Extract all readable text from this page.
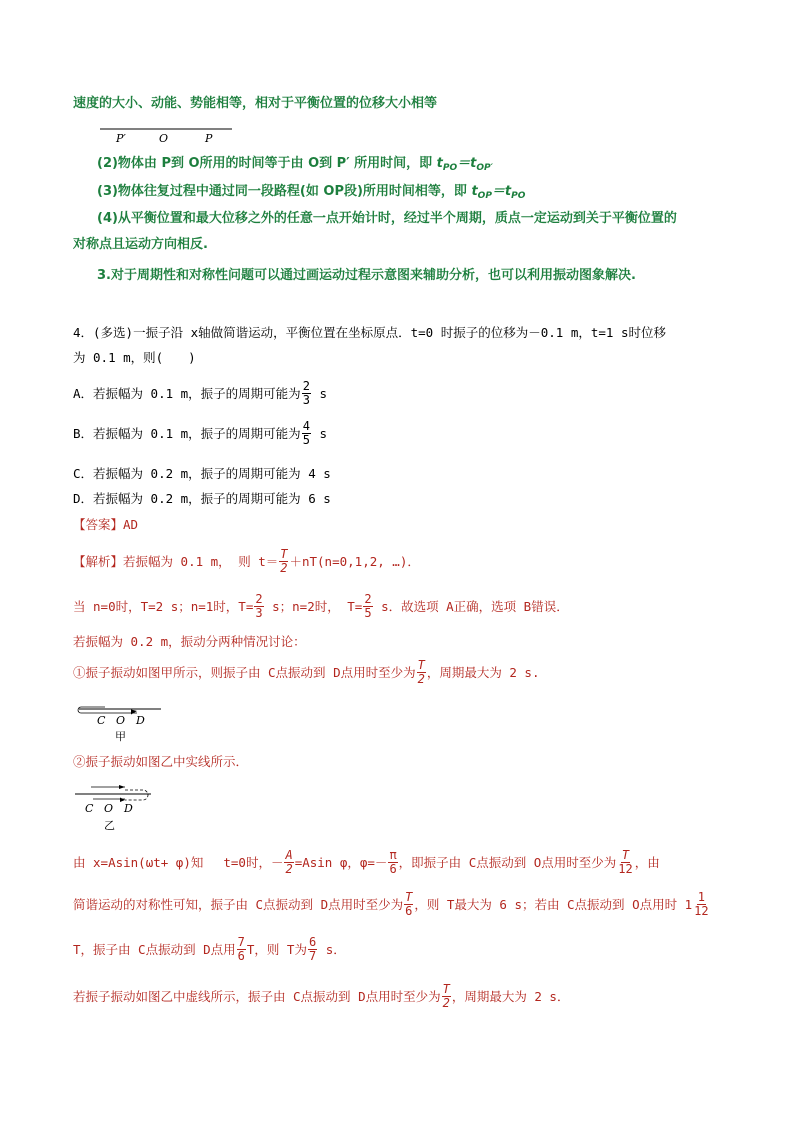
速度的大小、动能、势能相等，相对于平衡位置的位移大小相等
P′	O	P
(2)物体由 P到 O所用的时间等于由 O到 P′ 所用时间，即 $t_{PO}=t_{OP'}$
(3)物体往复过程中通过同一段路程(如 OP段)所用时间相等，即 $t_{OP}=t_{PO}$
(4)从平衡位置和最大位移之外的任意一点开始计时，经过半个周期，质点一定运动到关于平衡位置的
对称点且运动方向相反.
3.对于周期性和对称性问题可以通过画运动过程示意图来辅助分析，也可以利用振动图象解决.
4．(多选)一振子沿 x轴做简谐运动，平衡位置在坐标原点．t=0 时振子的位移为－0.1 m，t=1 s时位移
为 0.1 m，则(　　)
A．若振幅为 0.1 m，振子的周期可能为 $\frac{2}{3}$ s
B．若振幅为 0.1 m，振子的周期可能为 $\frac{4}{5}$ s
C．若振幅为 0.2 m，振子的周期可能为 4 s
D．若振幅为 0.2 m，振子的周期可能为 6 s
【答案】AD
【解析】若振幅为 0.1 m， 则 $t= \frac{T}{2} +nT(n=0,1,2$, …)．
当 n=0时，T=2 s；n=1时，$T= \frac{2}{3}$ s；n=2时， $T= \frac{2}{5}$ s．故选项 A正确，选项 B错误．
若振幅为 0.2 m，振动分两种情况讨论：
①振子振动如图甲所示，则振子由 C点振动到 D点用时至少为 $\frac{T}{2}$ ，周期最大为 2 s.
C O D
甲
②振子振动如图乙中实线所示．
C O D
乙
由 x=Asin(ωt+ φ)知　 t=0时，－ $\frac{A}{2} =Asin$ φ，$\varphi=- \frac{\pi}{6}$ ，即振子由 C点振动到 O点用时至少为 $\frac{T}{12}$ ，由
简谐运动的对称性可知，振子由 C点振动到 D点用时至少为 $\frac{T}{6}$ ，则 T最大为 6 s；若由 C点振动到 O点用时 $1 \frac{1}{12}$
T，振子由 C点振动到 D点用 $\frac{7}{6}$ T，则 T为 $\frac{6}{7}$ s．
若振子振动如图乙中虚线所示，振子由 C点振动到 D点用时至少为 $\frac{T}{2}$ ，周期最大为 2 s．
